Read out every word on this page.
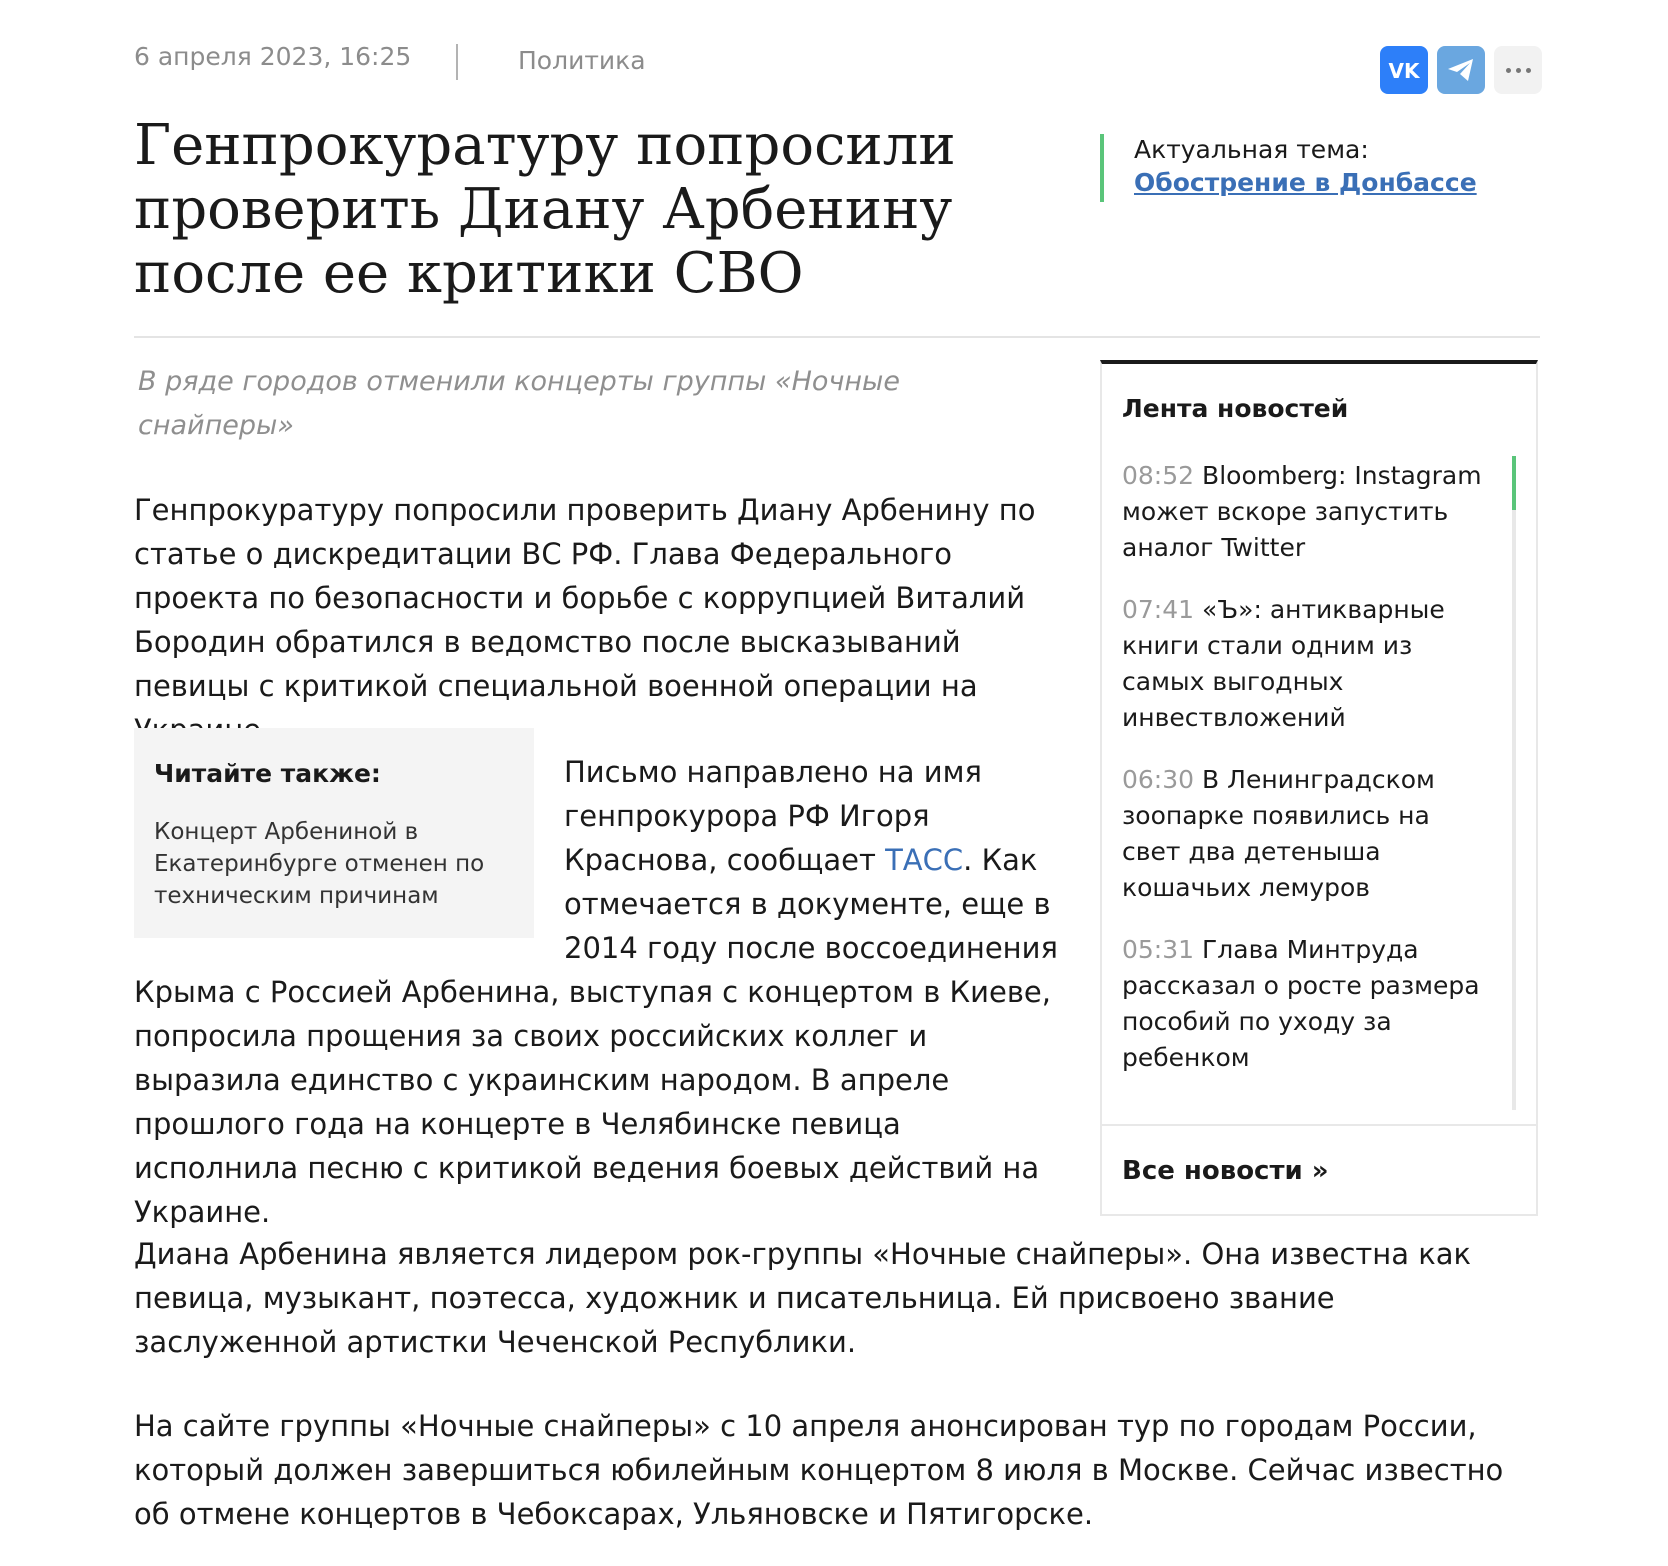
6 апреля 2023, 16:25	Политика	VK
Генпрокуратуру попросили проверить Диану Арбенину после ее критики СВО
Актуальная тема:
Обострение в Донбассе

В ряде городов отменили концерты группы «Ночные снайперы»

Генпрокуратуру попросили проверить Диану Арбенину по статье о дискредитации ВС РФ. Глава Федерального проекта по безопасности и борьбе с коррупцией Виталий Бородин обратился в ведомство после высказываний певицы с критикой специальной военной операции на

Читайте также:
Концерт Арбениной в Екатеринбурге отменен по техническим причинам
Письмо направлено на имя генпрокурора РФ Игоря Краснова, сообщает ТАСС. Как отмечается в документе, еще в 2014 году после воссоединения Крыма с Россией Арбенина, выступая с концертом в Киеве, попросила прощения за своих российских коллег и выразила единство с украинским народом. В апреле прошлого года на концерте в Челябинске певица исполнила песню с критикой ведения боевых действий на Украине.

Диана Арбенина является лидером рок-группы «Ночные снайперы». Она известна как певица, музыкант, поэтесса, художник и писательница. Ей присвоено звание заслуженной артистки Чеченской Республики.

На сайте группы «Ночные снайперы» с 10 апреля анонсирован тур по городам России, который должен завершиться юбилейным концертом 8 июля в Москве. Сейчас известно об отмене концертов в Чебоксарах, Ульяновске и Пятигорске.

Лента новостей
08:52 Bloomberg: Instagram может вскоре запустить аналог Twitter
07:41 «Ъ»: антикварные книги стали одним из самых выгодных инвествложений
06:30 В Ленинградском зоопарке появились на свет два детеныша кошачьих лемуров
05:31 Глава Минтруда рассказал о росте размера пособий по уходу за ребенком
Все новости »
